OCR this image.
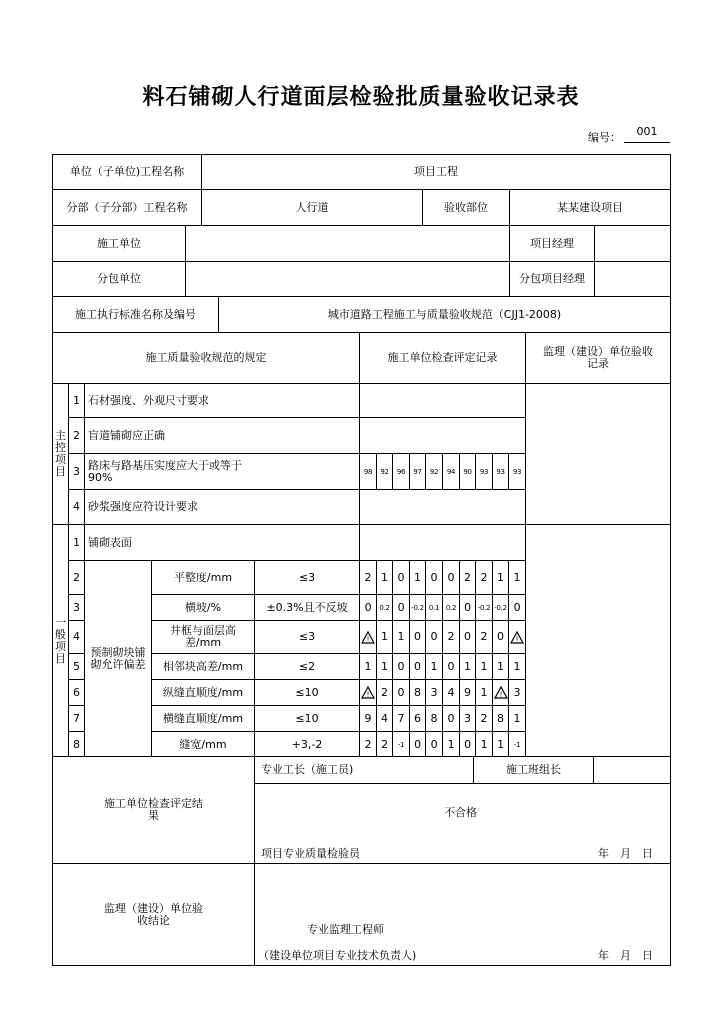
料石铺砌人行道面层检验批质量验收记录表
编号：	001
单位（子单位)工程名称	项目工程
分部（子分部）工程名称	人行道	验收部位	某某建设项目
施工单位	项目经理
分包单位	分包项目经理
施工执行标准名称及编号	城市道路工程施工与质量验收规范（CJJ1-2008)
施工质量验收规范的规定	施工单位检查评定记录	监理（建设）单位验收记录
主控项目
1 石材强度、外观尺寸要求
2 盲道铺砌应正确
3 路床与路基压实度应大于或等于90%	98	92	96	97	92	94	90	93	93	93
4 砂浆强度应符设计要求
一般项目
1 铺砌表面
预制砌块铺砌允许偏差
2	平整度/mm	≤3	2 1 0 1 0 0 2 2 1 1
3	横坡/%	±0.3%且不反坡	0	0.2 0 -0.2 0.1 0.2 0 -0.2 -0.2 0
4	井框与面层高差/mm	≤3	!	1 1 0 0 2 0 2 0	!
5	相邻块高差/mm	≤2	1 1 0 0 1 0 1 1 1 1
6	纵缝直顺度/mm	≤10	!	2 0 8 3 4 9 1	!	3
7	横缝直顺度/mm	≤10	9 4 7 6 8 0 3 2 8 1
8	缝宽/mm	+3,-2	2 2	-1 0 0 1 0 1 1	-1
施工单位检查评定结果
专业工长（施工员)	施工班组长
不合格
项目专业质量检验员	年　月　日
监理（建设）单位验收结论
专业监理工程师
（建设单位项目专业技术负责人)	年　月　日
